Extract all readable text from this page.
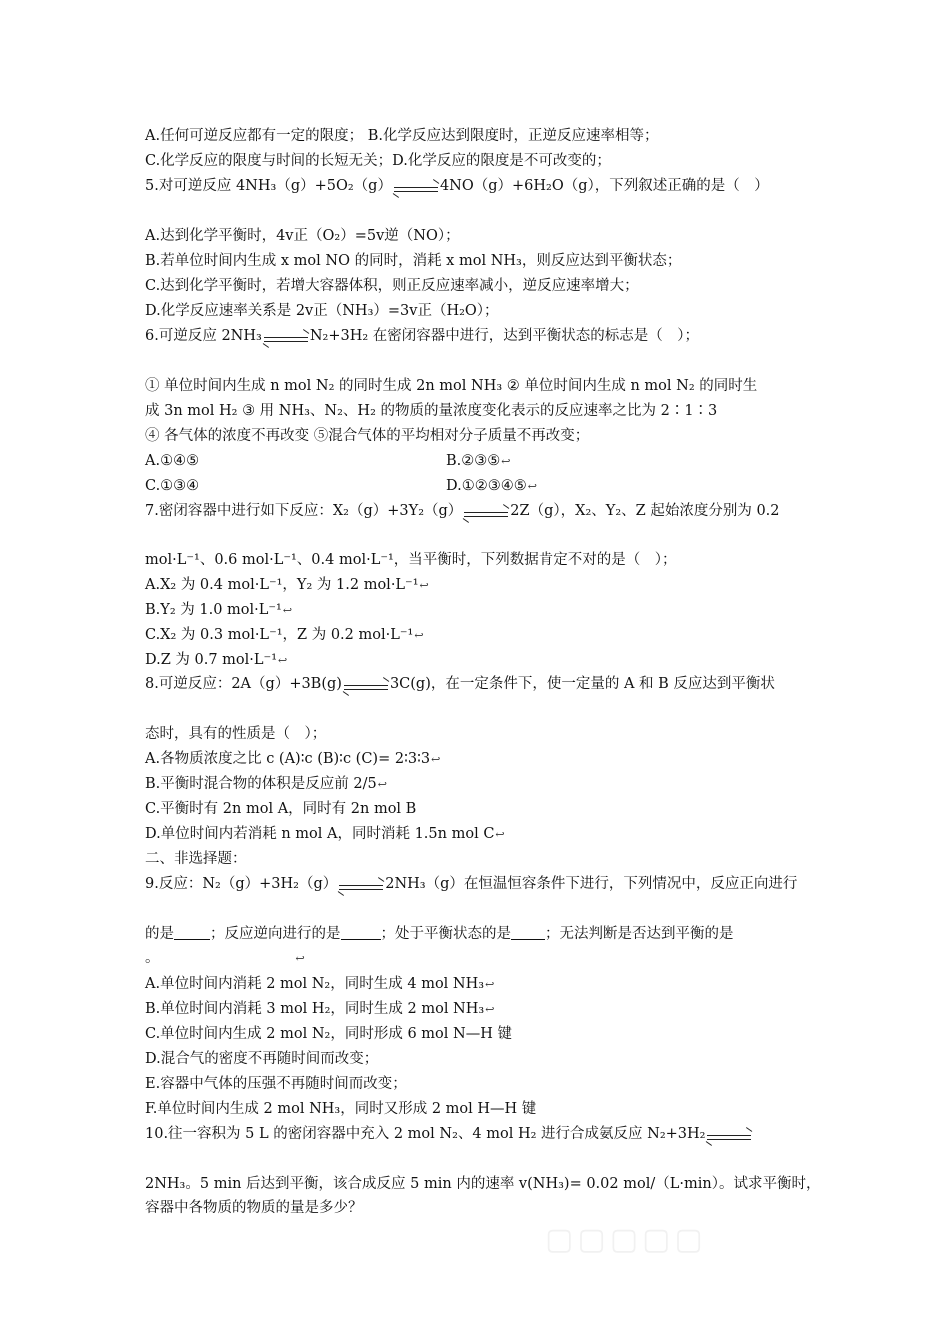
A.任何可逆反应都有一定的限度； B.化学反应达到限度时，正逆反应速率相等；
C.化学反应的限度与时间的长短无关；D.化学反应的限度是不可改变的；
5.对可逆反应 4NH₃（g）+5O₂（g）	4NO（g）+6H₂O（g），下列叙述正确的是（　）
A.达到化学平衡时，4v正（O₂）=5v逆（NO）；
B.若单位时间内生成 x mol NO 的同时，消耗 x mol NH₃，则反应达到平衡状态；
C.达到化学平衡时，若增大容器体积，则正反应速率减小，逆反应速率增大；
D.化学反应速率关系是 2v正（NH₃）=3v正（H₂O）；
6.可逆反应 2NH₃	N₂+3H₂ 在密闭容器中进行，达到平衡状态的标志是（　）；
① 单位时间内生成 n mol N₂ 的同时生成 2n mol NH₃ ② 单位时间内生成 n mol N₂ 的同时生
成 3n mol H₂ ③ 用 NH₃、N₂、H₂ 的物质的量浓度变化表示的反应速率之比为 2∶1∶3
④ 各气体的浓度不再改变 ⑤混合气体的平均相对分子质量不再改变；
A.①④⑤	B.②③⑤↩
C.①③④	D.①②③④⑤↩
7.密闭容器中进行如下反应：X₂（g）+3Y₂（g）	2Z（g），X₂、Y₂、Z 起始浓度分别为 0.2
mol·L⁻¹、0.6 mol·L⁻¹、0.4 mol·L⁻¹，当平衡时，下列数据肯定不对的是（　）；
A.X₂ 为 0.4 mol·L⁻¹，Y₂ 为 1.2 mol·L⁻¹↩
B.Y₂ 为 1.0 mol·L⁻¹↩
C.X₂ 为 0.3 mol·L⁻¹，Z 为 0.2 mol·L⁻¹↩
D.Z 为 0.7 mol·L⁻¹↩
8.可逆反应：2A（g）+3B(g)	3C(g)，在一定条件下，使一定量的 A 和 B 反应达到平衡状
态时，具有的性质是（　）；
A.各物质浓度之比 c (A)∶c (B)∶c (C)= 2∶3∶3↩
B.平衡时混合物的体积是反应前 2/5↩
C.平衡时有 2n mol A，同时有 2n mol B
D.单位时间内若消耗 n mol A，同时消耗 1.5n mol C↩
二、非选择题：
9.反应：N₂（g）+3H₂（g）	2NH₃（g）在恒温恒容条件下进行，下列情况中，反应正向进行
的是 ；反应逆向进行的是	；处于平衡状态的是 ；无法判断是否达到平衡的是
。	↩
A.单位时间内消耗 2 mol N₂，同时生成 4 mol NH₃↩
B.单位时间内消耗 3 mol H₂，同时生成 2 mol NH₃↩
C.单位时间内生成 2 mol N₂，同时形成 6 mol N—H 键
D.混合气的密度不再随时间而改变；
E.容器中气体的压强不再随时间而改变；
F.单位时间内生成 2 mol NH₃，同时又形成 2 mol H—H 键
10.往一容积为 5 L 的密闭容器中充入 2 mol N₂、4 mol H₂ 进行合成氨反应 N₂+3H₂
2NH₃。5 min 后达到平衡，该合成反应 5 min 内的速率 v(NH₃)= 0.02 mol/（L·min）。试求平衡时，
容器中各物质的物质的量是多少？
▢▢▢▢▢
